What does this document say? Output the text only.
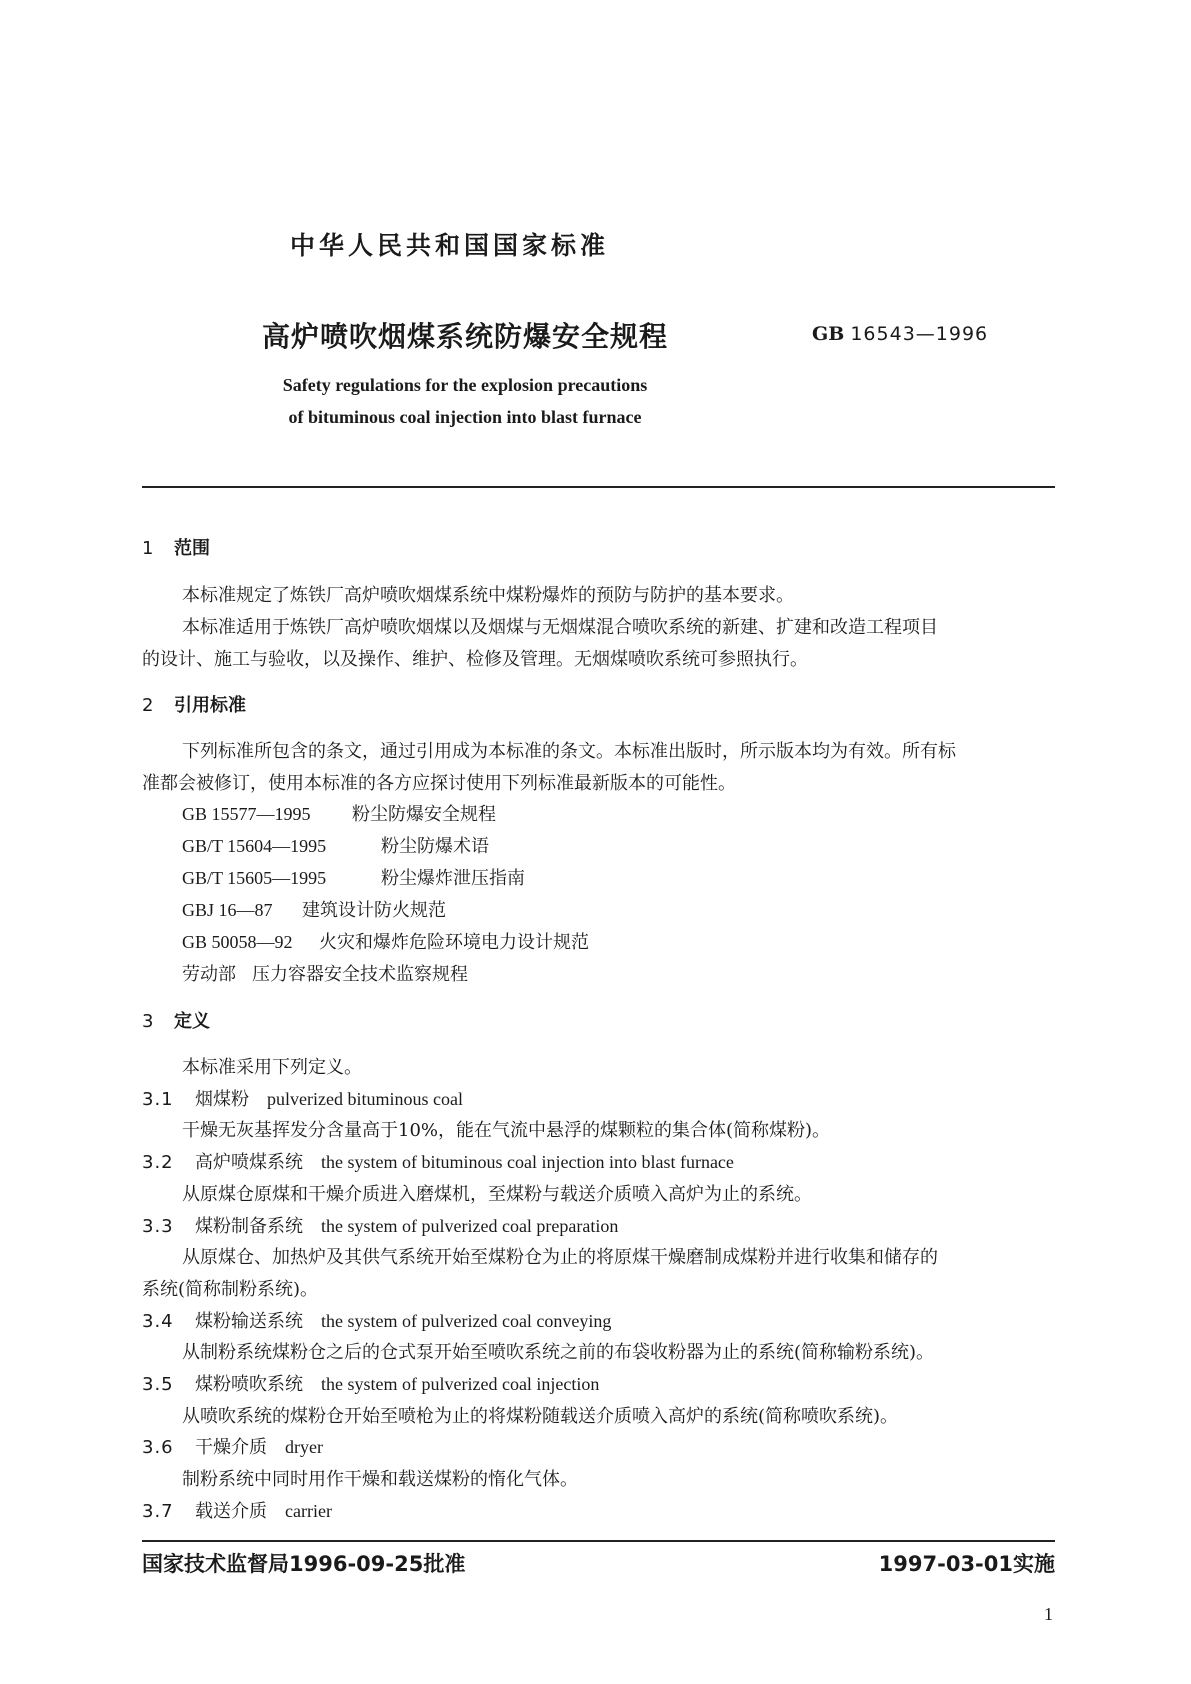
中华人民共和国国家标准
高炉喷吹烟煤系统防爆安全规程	GB 16543—1996
Safety regulations for the explosion precautions
of bituminous coal injection into blast furnace
1 范围
本标准规定了炼铁厂高炉喷吹烟煤系统中煤粉爆炸的预防与防护的基本要求。
本标准适用于炼铁厂高炉喷吹烟煤以及烟煤与无烟煤混合喷吹系统的新建、扩建和改造工程项目
的设计、施工与验收，以及操作、维护、检修及管理。无烟煤喷吹系统可参照执行。
2 引用标准
下列标准所包含的条文，通过引用成为本标准的条文。本标准出版时，所示版本均为有效。所有标
准都会被修订，使用本标准的各方应探讨使用下列标准最新版本的可能性。
GB 15577—1995 粉尘防爆安全规程
GB/T 15604—1995	粉尘防爆术语
GB/T 15605—1995	粉尘爆炸泄压指南
GBJ 16—87 建筑设计防火规范
GB 50058—92 火灾和爆炸危险环境电力设计规范
劳动部 压力容器安全技术监察规程
3 定义
本标准采用下列定义。
3.1 烟煤粉 pulverized bituminous coal
干燥无灰基挥发分含量高于10%，能在气流中悬浮的煤颗粒的集合体(简称煤粉)。
3.2 高炉喷煤系统 the system of bituminous coal injection into blast furnace
从原煤仓原煤和干燥介质进入磨煤机，至煤粉与载送介质喷入高炉为止的系统。
3.3 煤粉制备系统 the system of pulverized coal preparation
从原煤仓、加热炉及其供气系统开始至煤粉仓为止的将原煤干燥磨制成煤粉并进行收集和储存的
系统(简称制粉系统)。
3.4 煤粉输送系统 the system of pulverized coal conveying
从制粉系统煤粉仓之后的仓式泵开始至喷吹系统之前的布袋收粉器为止的系统(简称输粉系统)。
3.5 煤粉喷吹系统 the system of pulverized coal injection
从喷吹系统的煤粉仓开始至喷枪为止的将煤粉随载送介质喷入高炉的系统(简称喷吹系统)。
3.6 干燥介质 dryer
制粉系统中同时用作干燥和载送煤粉的惰化气体。
3.7 载送介质 carrier
国家技术监督局1996-09-25批准	1997-03-01实施
1
